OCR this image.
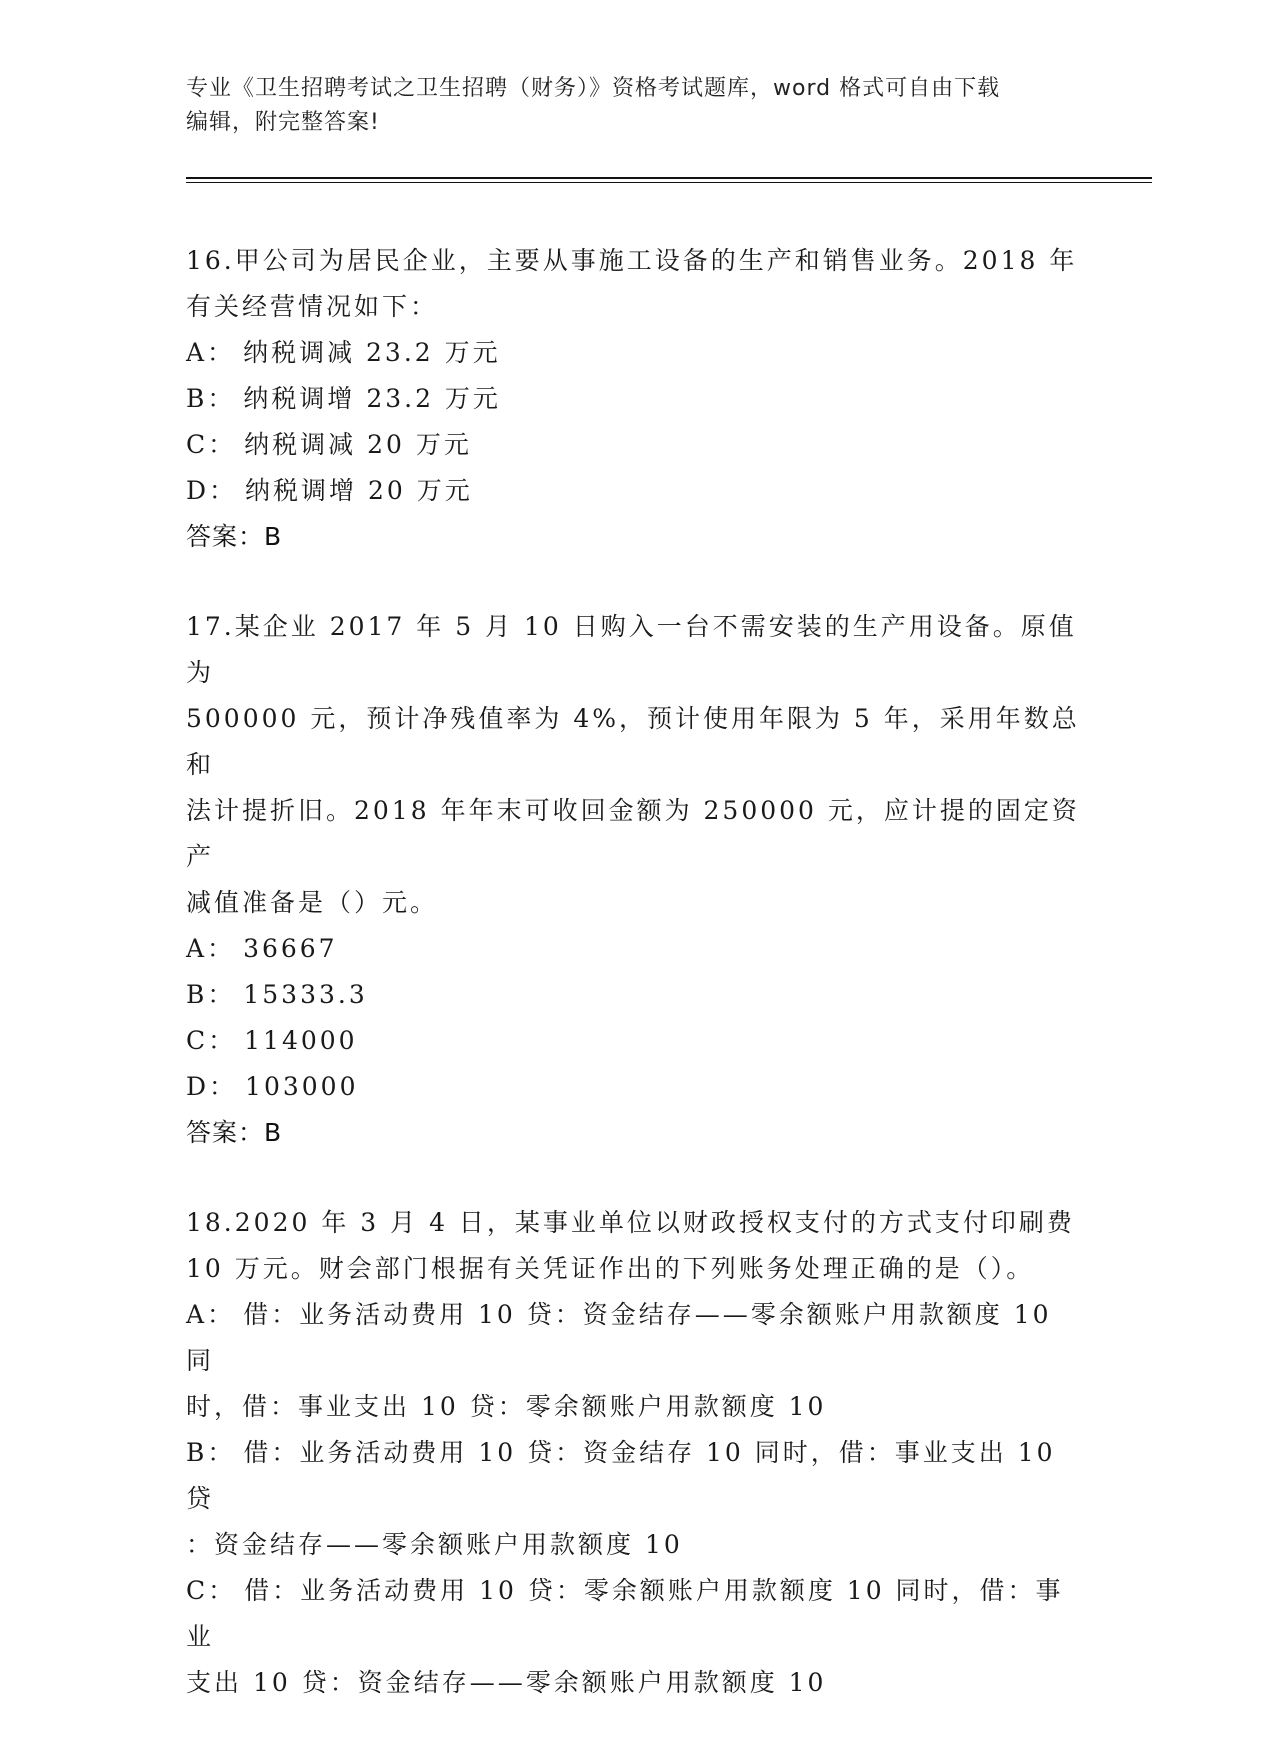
专业《卫生招聘考试之卫生招聘（财务）》资格考试题库，word 格式可自由下载
编辑，附完整答案!
16.甲公司为居民企业，主要从事施工设备的生产和销售业务。2018 年
有关经营情况如下：
A： 纳税调减 23.2 万元
B： 纳税调增 23.2 万元
C： 纳税调减 20 万元
D： 纳税调增 20 万元
答案：B
17.某企业 2017 年 5 月 10 日购入一台不需安装的生产用设备。原值为
500000 元，预计净残值率为 4%，预计使用年限为 5 年，采用年数总和
法计提折旧。2018 年年末可收回金额为 250000 元，应计提的固定资产
减值准备是（）元。
A： 36667
B： 15333.3
C： 114000
D： 103000
答案：B
18.2020 年 3 月 4 日，某事业单位以财政授权支付的方式支付印刷费
10 万元。财会部门根据有关凭证作出的下列账务处理正确的是（）。
A： 借：业务活动费用 10 贷：资金结存——零余额账户用款额度 10 同
时，借：事业支出 10 贷：零余额账户用款额度 10
B： 借：业务活动费用 10 贷：资金结存 10 同时，借：事业支出 10 贷
：资金结存——零余额账户用款额度 10
C： 借：业务活动费用 10 贷：零余额账户用款额度 10 同时，借：事业
支出 10 贷：资金结存——零余额账户用款额度 10
